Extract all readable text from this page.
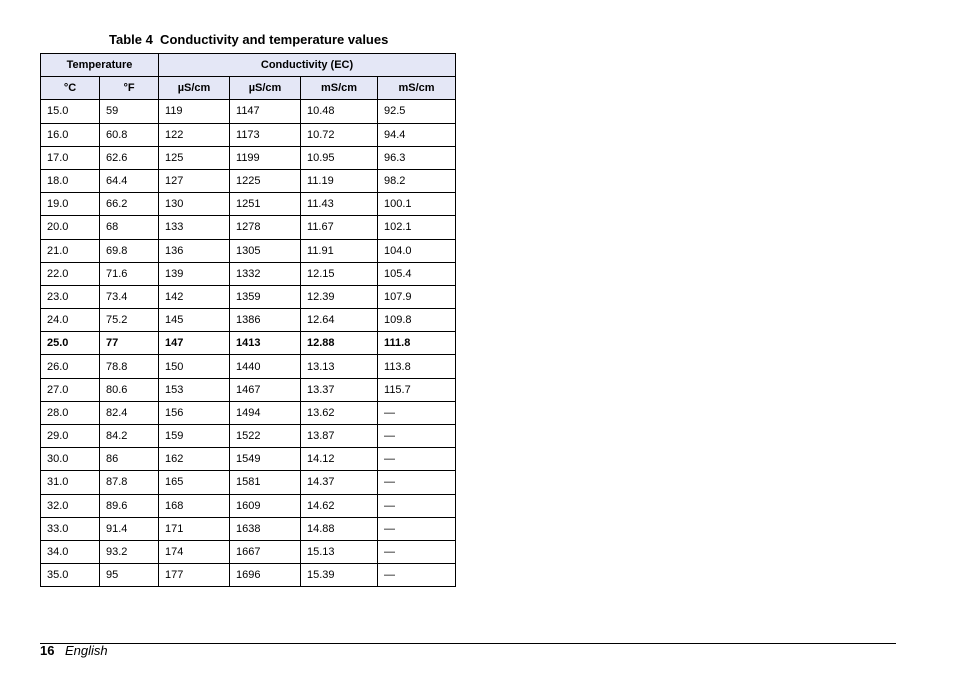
Table 4  Conductivity and temperature values
Temperature		Conductivity (EC)			
°C	°F	µS/cm	µS/cm	mS/cm	mS/cm
15.0	59	119	1147	10.48	92.5
16.0	60.8	122	1173	10.72	94.4
17.0	62.6	125	1199	10.95	96.3
18.0	64.4	127	1225	11.19	98.2
19.0	66.2	130	1251	11.43	100.1
20.0	68	133	1278	11.67	102.1
21.0	69.8	136	1305	11.91	104.0
22.0	71.6	139	1332	12.15	105.4
23.0	73.4	142	1359	12.39	107.9
24.0	75.2	145	1386	12.64	109.8
25.0	77	147	1413	12.88	111.8
26.0	78.8	150	1440	13.13	113.8
27.0	80.6	153	1467	13.37	115.7
28.0	82.4	156	1494	13.62	—
29.0	84.2	159	1522	13.87	—
30.0	86	162	1549	14.12	—
31.0	87.8	165	1581	14.37	—
32.0	89.6	168	1609	14.62	—
33.0	91.4	171	1638	14.88	—
34.0	93.2	174	1667	15.13	—
35.0	95	177	1696	15.39	—
16 English
